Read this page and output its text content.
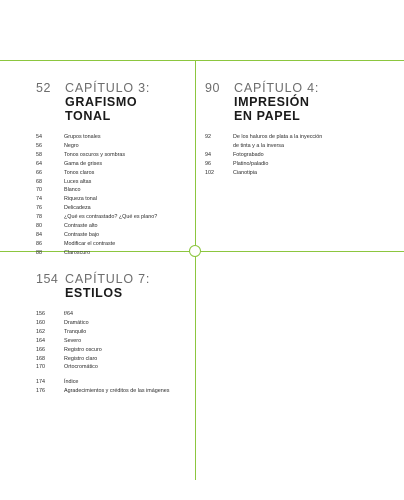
52	CAPÍTULO 3:
GRAFISMO TONAL
54	Grupos tonales
56	Negro
58	Tonos oscuros y sombras
64	Gama de grises
66	Tonos claros
68	Luces altas
70	Blanco
74	Riqueza tonal
76	Delicadeza
78	¿Qué es contrastado? ¿Qué es plano?
80	Contraste alto
84	Contraste bajo
86	Modificar el contraste
88	Claroscuro
90	CAPÍTULO 4:
IMPRESIÓN
EN PAPEL
92	De los haluros de plata a la inyección
de tinta y a la inversa
94	Fotograbado
96	Platino/paladio
102	Cianotipia
154 CAPÍTULO 7:
ESTILOS
156	f/64
160	Dramático
162	Tranquilo
164	Severo
166	Registro oscuro
168	Registro claro
170	Ortocromático
174	Índice
176	Agradecimientos y créditos de las imágenes
